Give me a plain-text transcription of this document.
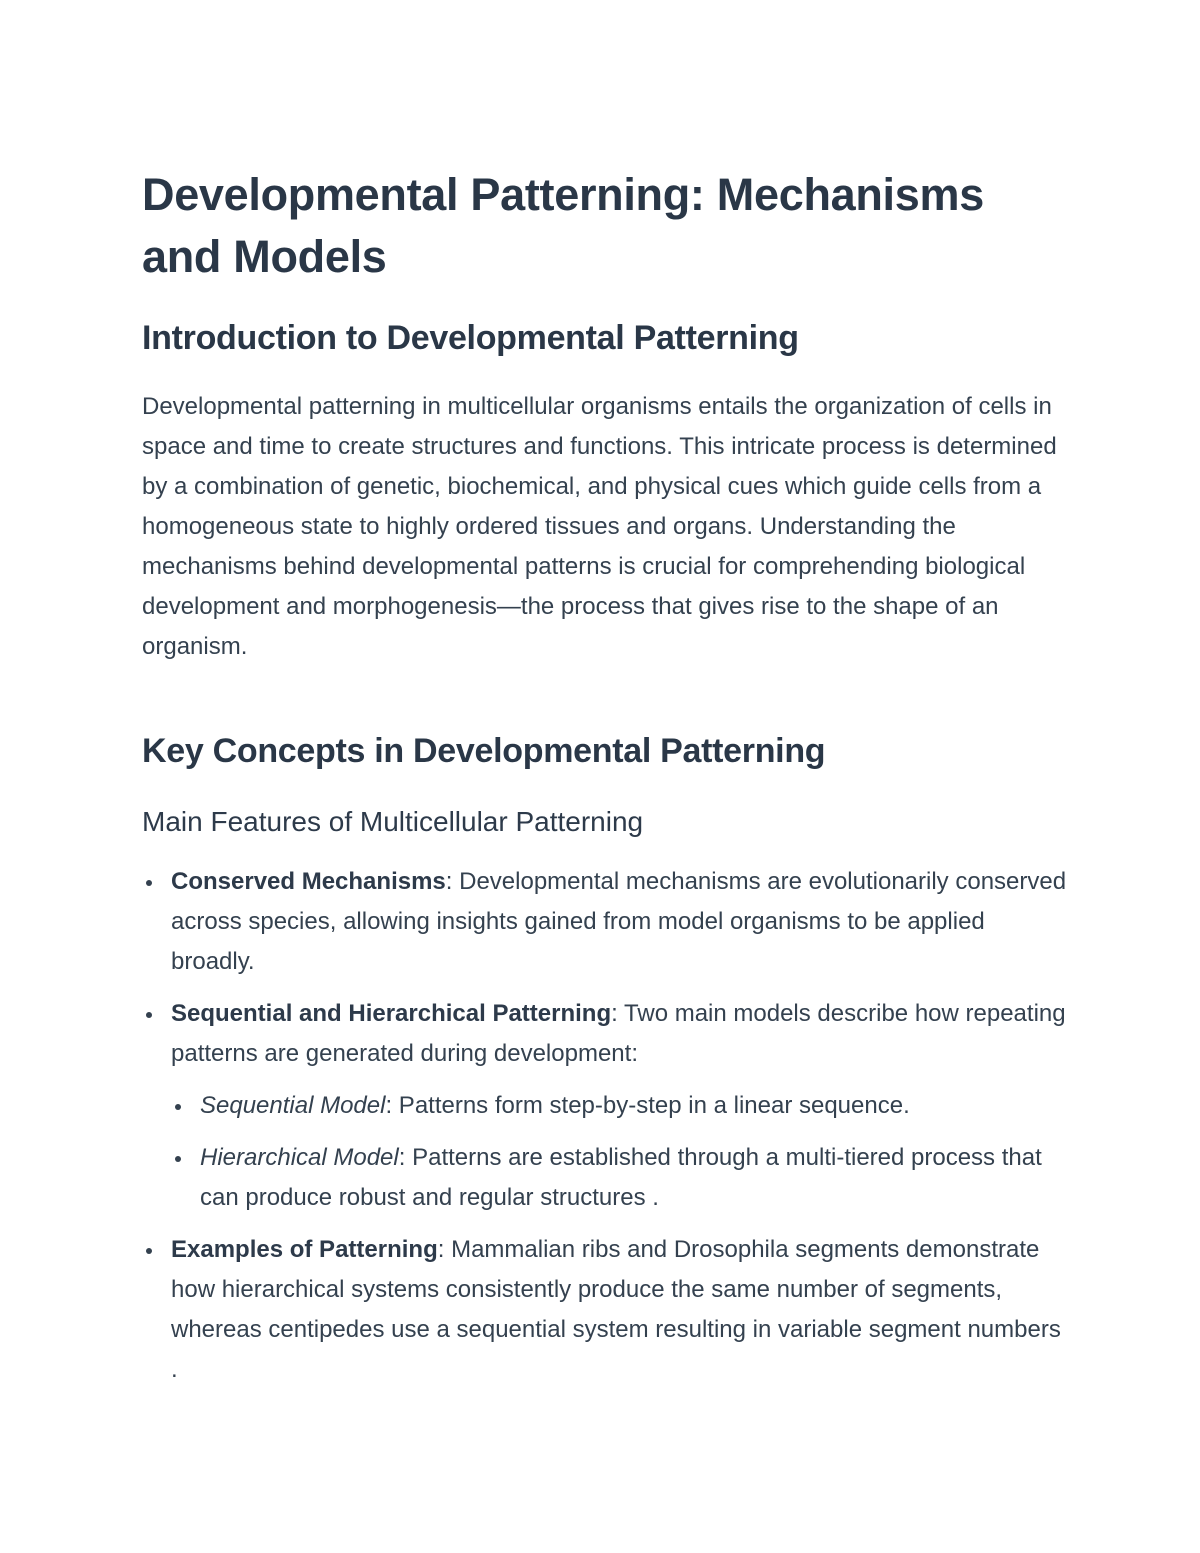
Developmental Patterning: Mechanisms and Models
Introduction to Developmental Patterning

Developmental patterning in multicellular organisms entails the organization of cells in space and time to create structures and functions. This intricate process is determined by a combination of genetic, biochemical, and physical cues which guide cells from a homogeneous state to highly ordered tissues and organs. Understanding the mechanisms behind developmental patterns is crucial for comprehending biological development and morphogenesis—the process that gives rise to the shape of an organism.

Key Concepts in Developmental Patterning
Main Features of Multicellular Patterning
Conserved Mechanisms: Developmental mechanisms are evolutionarily conserved across species, allowing insights gained from model organisms to be applied broadly.
Sequential and Hierarchical Patterning: Two main models describe how repeating patterns are generated during development:
Sequential Model: Patterns form step-by-step in a linear sequence.
Hierarchical Model: Patterns are established through a multi-tiered process that can produce robust and regular structures .
Examples of Patterning: Mammalian ribs and Drosophila segments demonstrate how hierarchical systems consistently produce the same number of segments, whereas centipedes use a sequential system resulting in variable segment numbers .
